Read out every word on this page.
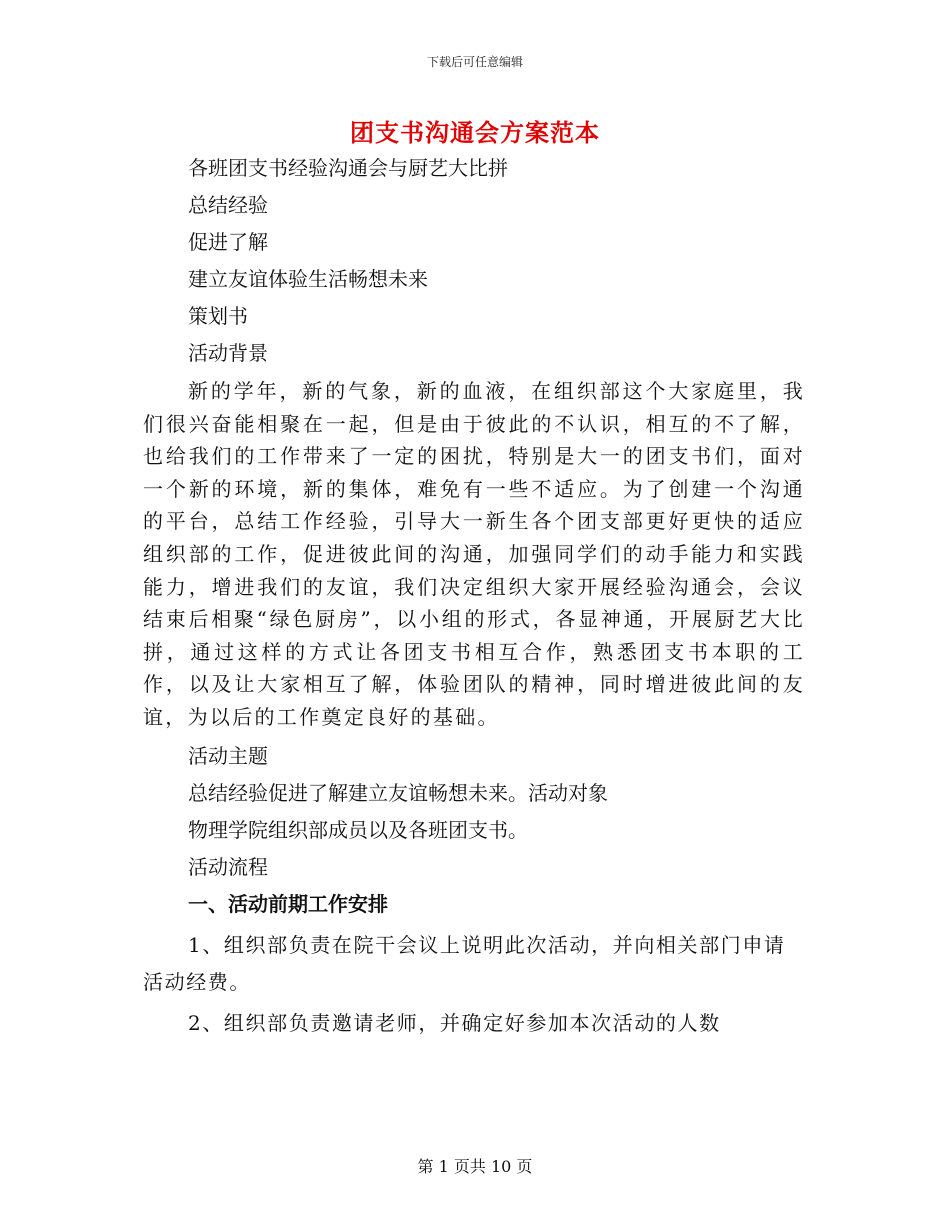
下载后可任意编辑
团支书沟通会方案范本
各班团支书经验沟通会与厨艺大比拼
总结经验
促进了解
建立友谊体验生活畅想未来
策划书
活动背景
新的学年，新的气象，新的血液，在组织部这个大家庭里，我们很兴奋能相聚在一起，但是由于彼此的不认识，相互的不了解，也给我们的工作带来了一定的困扰，特别是大一的团支书们，面对一个新的环境，新的集体，难免有一些不适应。为了创建一个沟通的平台，总结工作经验，引导大一新生各个团支部更好更快的适应组织部的工作，促进彼此间的沟通，加强同学们的动手能力和实践能力，增进我们的友谊，我们决定组织大家开展经验沟通会，会议结束后相聚“绿色厨房”，以小组的形式，各显神通，开展厨艺大比拼，通过这样的方式让各团支书相互合作，熟悉团支书本职的工作，以及让大家相互了解，体验团队的精神，同时增进彼此间的友谊，为以后的工作奠定良好的基础。
活动主题
总结经验促进了解建立友谊畅想未来。活动对象
物理学院组织部成员以及各班团支书。
活动流程
一、活动前期工作安排
1、组织部负责在院干会议上说明此次活动，并向相关部门申请活动经费。
2、组织部负责邀请老师，并确定好参加本次活动的人数
第 1 页共 10 页
